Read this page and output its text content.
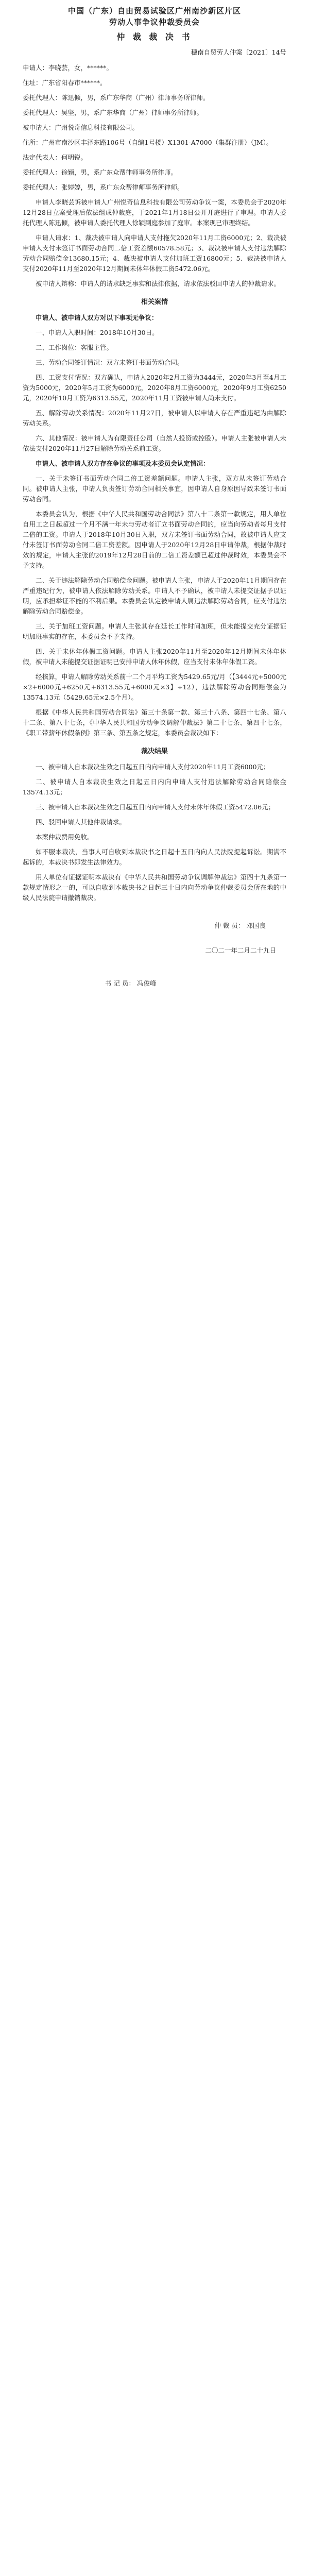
中国（广东）自由贸易试验区广州南沙新区片区
劳动人事争议仲裁委员会
仲 裁 裁 决 书
穗南自贸劳人仲案〔2021〕14号

申请人：李晓芸，女，******。

住址：广东省阳春市******。

委托代理人：陈迅倾，男，系广东华商（广州）律师事务所律师。

委托代理人：吴坚，男，系广东华商（广州）律师事务所律师。

被申请人：广州悦奇信息科技有限公司。

住所：广州市南沙区丰泽东路106号（自编1号楼）X1301-A7000（集群注册）（JM）。

法定代表人：何明锐。

委托代理人：徐颖，男，系广东众帮律师事务所律师。

委托代理人：张婷婷，男，系广东众帮律师事务所律师。

申请人李晓芸诉被申请人广州悦奇信息科技有限公司劳动争议一案，本委员会于2020年12月28日立案受理后依法组成仲裁庭，于2021年1月18日公开开庭进行了审理。申请人委托代理人陈迅倾，被申请人委托代理人徐颖到庭参加了庭审。本案现已审理终结。

申请人请求：1、裁决被申请人向申请人支付拖欠2020年11月工资6000元；2、裁决被申请人支付未签订书面劳动合同二倍工资差额60578.58元；3、裁决被申请人支付违法解除劳动合同赔偿金13680.15元；4、裁决被申请人支付加班工资16800元；5、裁决被申请人支付2020年11月至2020年12月期间未休年休假工资5472.06元。

被申请人辩称：申请人的请求缺乏事实和法律依据，请求依法驳回申请人的仲裁请求。

相关案情

申请人、被申请人双方对以下事项无争议：

一、申请人入职时间：2018年10月30日。

二、工作岗位：客服主管。

三、劳动合同签订情况：双方未签订书面劳动合同。

四、工资支付情况：双方确认，申请人2020年2月工资为3444元，2020年3月至4月工资为5000元，2020年5月工资为6000元，2020年8月工资6000元，2020年9月工资6250元，2020年10月工资为6313.55元，2020年11月工资被申请人尚未支付。

五、解除劳动关系情况：2020年11月27日，被申请人以申请人存在严重违纪为由解除劳动关系。

六、其他情况：被申请人为有限责任公司（自然人投资或控股）。申请人主张被申请人未依法支付2020年11月27日解除劳动关系前工资。

申请人、被申请人双方存在争议的事项及本委员会认定情况：

一、关于未签订书面劳动合同二倍工资差额问题。申请人主张，双方从未签订劳动合同。被申请人主张，申请人负责签订劳动合同相关事宜，因申请人自身原因导致未签订书面劳动合同。

本委员会认为，根据《中华人民共和国劳动合同法》第八十二条第一款规定，用人单位自用工之日起超过一个月不满一年未与劳动者订立书面劳动合同的，应当向劳动者每月支付二倍的工资。申请人于2018年10月30日入职，双方未签订书面劳动合同，故被申请人应支付未签订书面劳动合同二倍工资差额。因申请人于2020年12月28日申请仲裁，根据仲裁时效的规定，申请人主张的2019年12月28日前的二倍工资差额已超过仲裁时效，本委员会不予支持。

二、关于违法解除劳动合同赔偿金问题。被申请人主张，申请人于2020年11月期间存在严重违纪行为，被申请人依法解除劳动关系。申请人不予确认，被申请人未提交证据予以证明，应承担举证不能的不利后果。本委员会认定被申请人属违法解除劳动合同，应支付违法解除劳动合同赔偿金。

三、关于加班工资问题。申请人主张其存在延长工作时间加班，但未能提交充分证据证明加班事实的存在，本委员会不予支持。

四、关于未休年休假工资问题。申请人主张2020年11月至2020年12月期间未休年休假，被申请人未能提交证据证明已安排申请人休年休假，应当支付未休年休假工资。

经核算，申请人解除劳动关系前十二个月平均工资为5429.65元/月（【3444元+5000元×2+6000元+6250元+6313.55元+6000元×3】÷12），违法解除劳动合同赔偿金为13574.13元（5429.65元×2.5个月）。

根据《中华人民共和国劳动合同法》第三十条第一款、第三十八条、第四十七条、第八十二条、第八十七条，《中华人民共和国劳动争议调解仲裁法》第二十七条、第四十七条，《职工带薪年休假条例》第三条、第五条之规定，本委员会裁决如下：

裁决结果

一、被申请人自本裁决生效之日起五日内向申请人支付2020年11月工资6000元；

二、被申请人自本裁决生效之日起五日内向申请人支付违法解除劳动合同赔偿金13574.13元；

三、被申请人自本裁决生效之日起五日内向申请人支付未休年休假工资5472.06元；

四、驳回申请人其他仲裁请求。

本案仲裁费用免收。

如不服本裁决，当事人可自收到本裁决书之日起十五日内向人民法院提起诉讼。期满不起诉的，本裁决书即发生法律效力。

用人单位有证据证明本裁决有《中华人民共和国劳动争议调解仲裁法》第四十九条第一款规定情形之一的，可以自收到本裁决书之日起三十日内向劳动争议仲裁委员会所在地的中级人民法院申请撤销裁决。

仲 裁 员： 邓国良
二〇二一年二月二十九日
书 记 员： 冯俊峰
